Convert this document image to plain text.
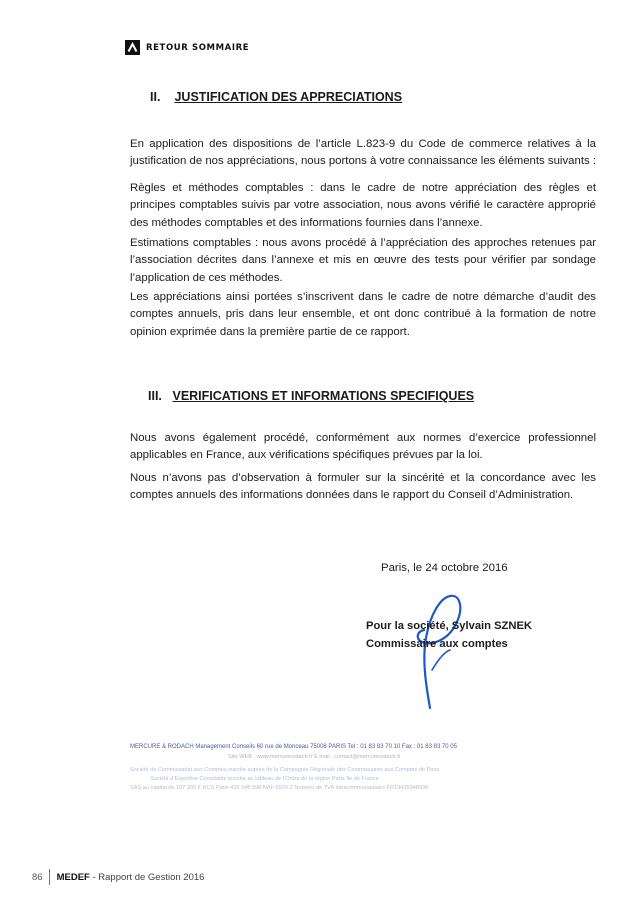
RETOUR SOMMAIRE
II. JUSTIFICATION DES APPRECIATIONS

En application des dispositions de l’article L.823-9 du Code de commerce relatives à la justification de nos appréciations, nous portons à votre connaissance les éléments suivants :

Règles et méthodes comptables : dans le cadre de notre appréciation des règles et principes comptables suivis par votre association, nous avons vérifié le caractère approprié des méthodes comptables et des informations fournies dans l’annexe.

Estimations comptables : nous avons procédé à l’appréciation des approches retenues par l’association décrites dans l’annexe et mis en œuvre des tests pour vérifier par sondage l’application de ces méthodes.

Les appréciations ainsi portées s’inscrivent dans le cadre de notre démarche d’audit des comptes annuels, pris dans leur ensemble, et ont donc contribué à la formation de notre opinion exprimée dans la première partie de ce rapport.

III. VERIFICATIONS ET INFORMATIONS SPECIFIQUES

Nous avons également procédé, conformément aux normes d’exercice professionnel applicables en France, aux vérifications spécifiques prévues par la loi.

Nous n’avons pas d’observation à formuler sur la sincérité et la concordance avec les comptes annuels des informations données dans le rapport du Conseil d’Administration.

Paris, le 24 octobre 2016
Pour la société, Sylvain SZNEK
Commissaire aux comptes

MERCURE & RODACH Management Conseils 60 rue de Monceau 75008 PARIS Tel : 01 83 83 70 10 Fax : 01 83 83 70 05

Site WEB : www.mercurerodach.fr E.mail : contact@mercurerodach.fr

Société de Commissariat aux Comptes inscrite auprès de la Compagnie Régionale des Commissaires aux Comptes de Paris

Société d’Expertise Comptable inscrite au tableau de l’Ordre de la région Paris Ile de France

SAS au capital de 107 330 € RCS Paris 439 348 998 NAF 6920 Z Numéro de TVA Intracommunautaire FR19439348998

86 MEDEF - Rapport de Gestion 2016
